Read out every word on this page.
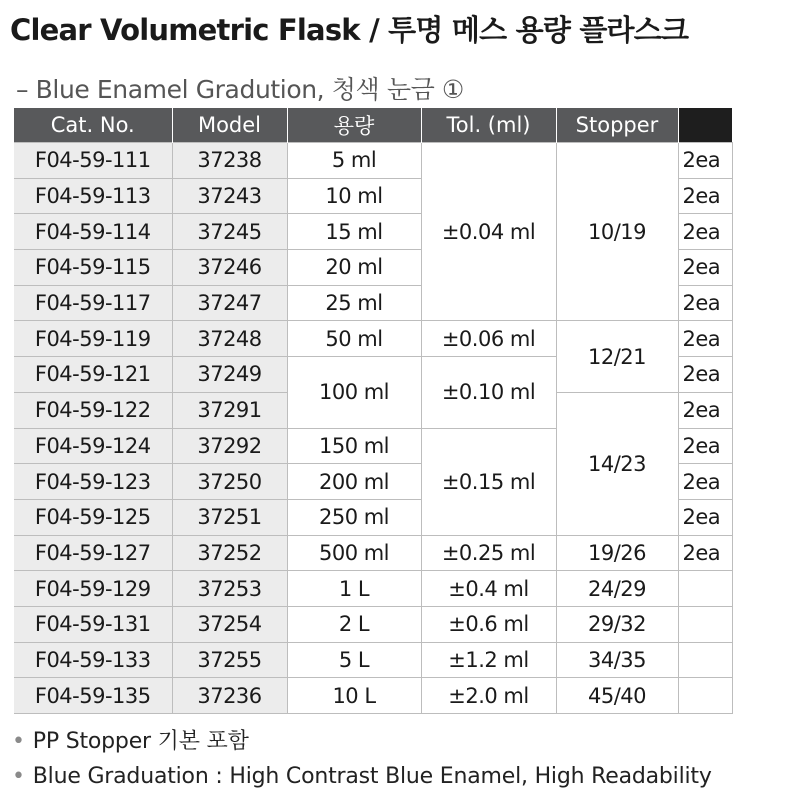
Clear Volumetric Flask / 투명 메스 용량 플라스크
– Blue Enamel Gradution, 청색 눈금 ①
Cat. No.	Model	용량	Tol. (ml)	Stopper	
F04-59-111	37238	5 ml	±0.04 ml	10/19	2ea
F04-59-113	37243	10 ml			2ea
F04-59-114	37245	15 ml			2ea
F04-59-115	37246	20 ml			2ea
F04-59-117	37247	25 ml			2ea
F04-59-119	37248	50 ml	±0.06 ml	12/21	2ea
F04-59-121	37249	100 ml	±0.10 ml		2ea
F04-59-122	37291			14/23	2ea
F04-59-124	37292	150 ml	±0.15 ml		2ea
F04-59-123	37250	200 ml			2ea
F04-59-125	37251	250 ml			2ea
F04-59-127	37252	500 ml	±0.25 ml	19/26	2ea
F04-59-129	37253	1 L	±0.4 ml	24/29	
F04-59-131	37254	2 L	±0.6 ml	29/32	
F04-59-133	37255	5 L	±1.2 ml	34/35	
F04-59-135	37236	10 L	±2.0 ml	45/40	
• PP Stopper 기본 포함
• Blue Graduation : High Contrast Blue Enamel, High Readability
